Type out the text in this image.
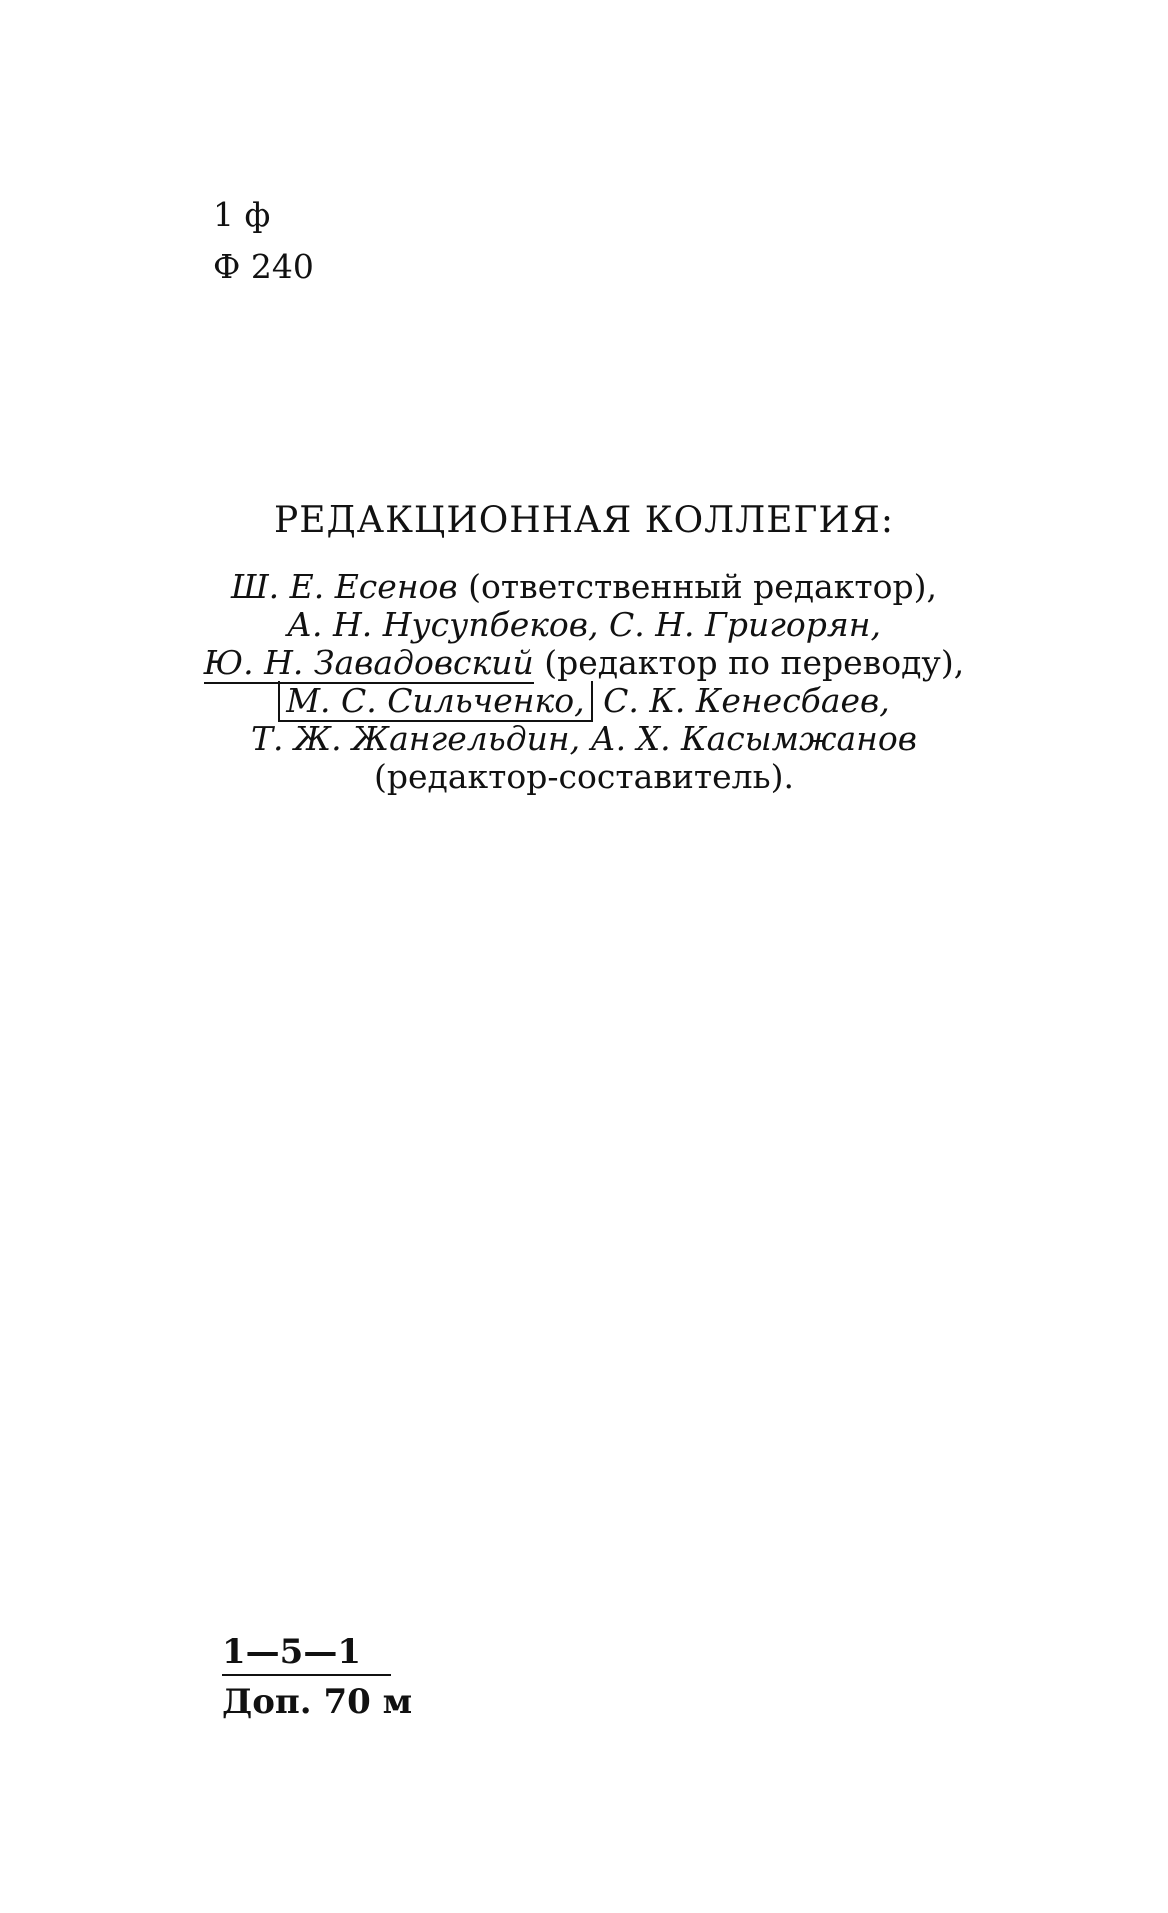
1 ф
Ф 240
РЕДАКЦИОННАЯ КОЛЛЕГИЯ:
Ш. Е. Есенов (ответственный редактор),
А. Н. Нусупбеков, С. Н. Григорян,
Ю. Н. Завадовский (редактор по переводу),
М. С. Сильченко, С. К. Кенесбаев,
Т. Ж. Жангельдин, А. Х. Касымжанов
(редактор-составитель).
1—5—1
Доп. 70 м
